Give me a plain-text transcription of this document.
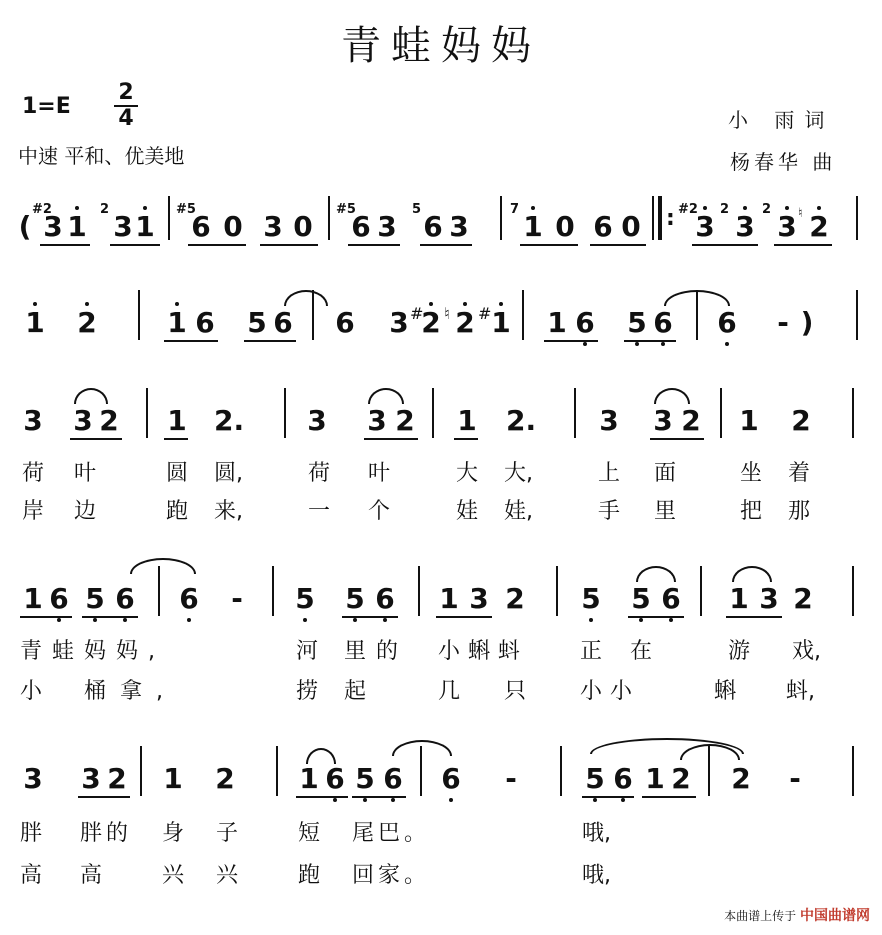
青蛙妈妈
1=E
2
4
中速 平和、优美地
小 雨词
杨春华 曲
(
#2
3 1
2
3 1
#5
6 0 3 0
#5
6 3
5
6 3
7
1 0 6 0 : #2
3
2
3
2
3 ♮ 2
1 2	1 6 5 6 6 3 #
2 ♮ 2 # 1 1 6 5 6 6 - )
3 3 2 1 2. 3 3 2 1 2. 3 3 2 1 2
荷 叶	圆 圆,	荷 叶	大 大,	上 面	坐 着
岸 边	跑 来,	一 个	娃 娃,	手 里	把 那
1 6 5 6 6 - 5 5 6 1 3 2 5 5 6 1 3 2
青蛙妈妈,	河 里的 小蝌蚪 正 在	游 戏,
小 桶拿,	捞 起	几 只 小小	蝌 蚪,
3 3 2 1 2 1 6 5 6 6 - 5 6 1 2 2 -
胖 胖的 身 子	短 尾巴。	哦,
高 高	兴 兴	跑 回家。	哦,
本曲谱上传于 中国曲谱网
